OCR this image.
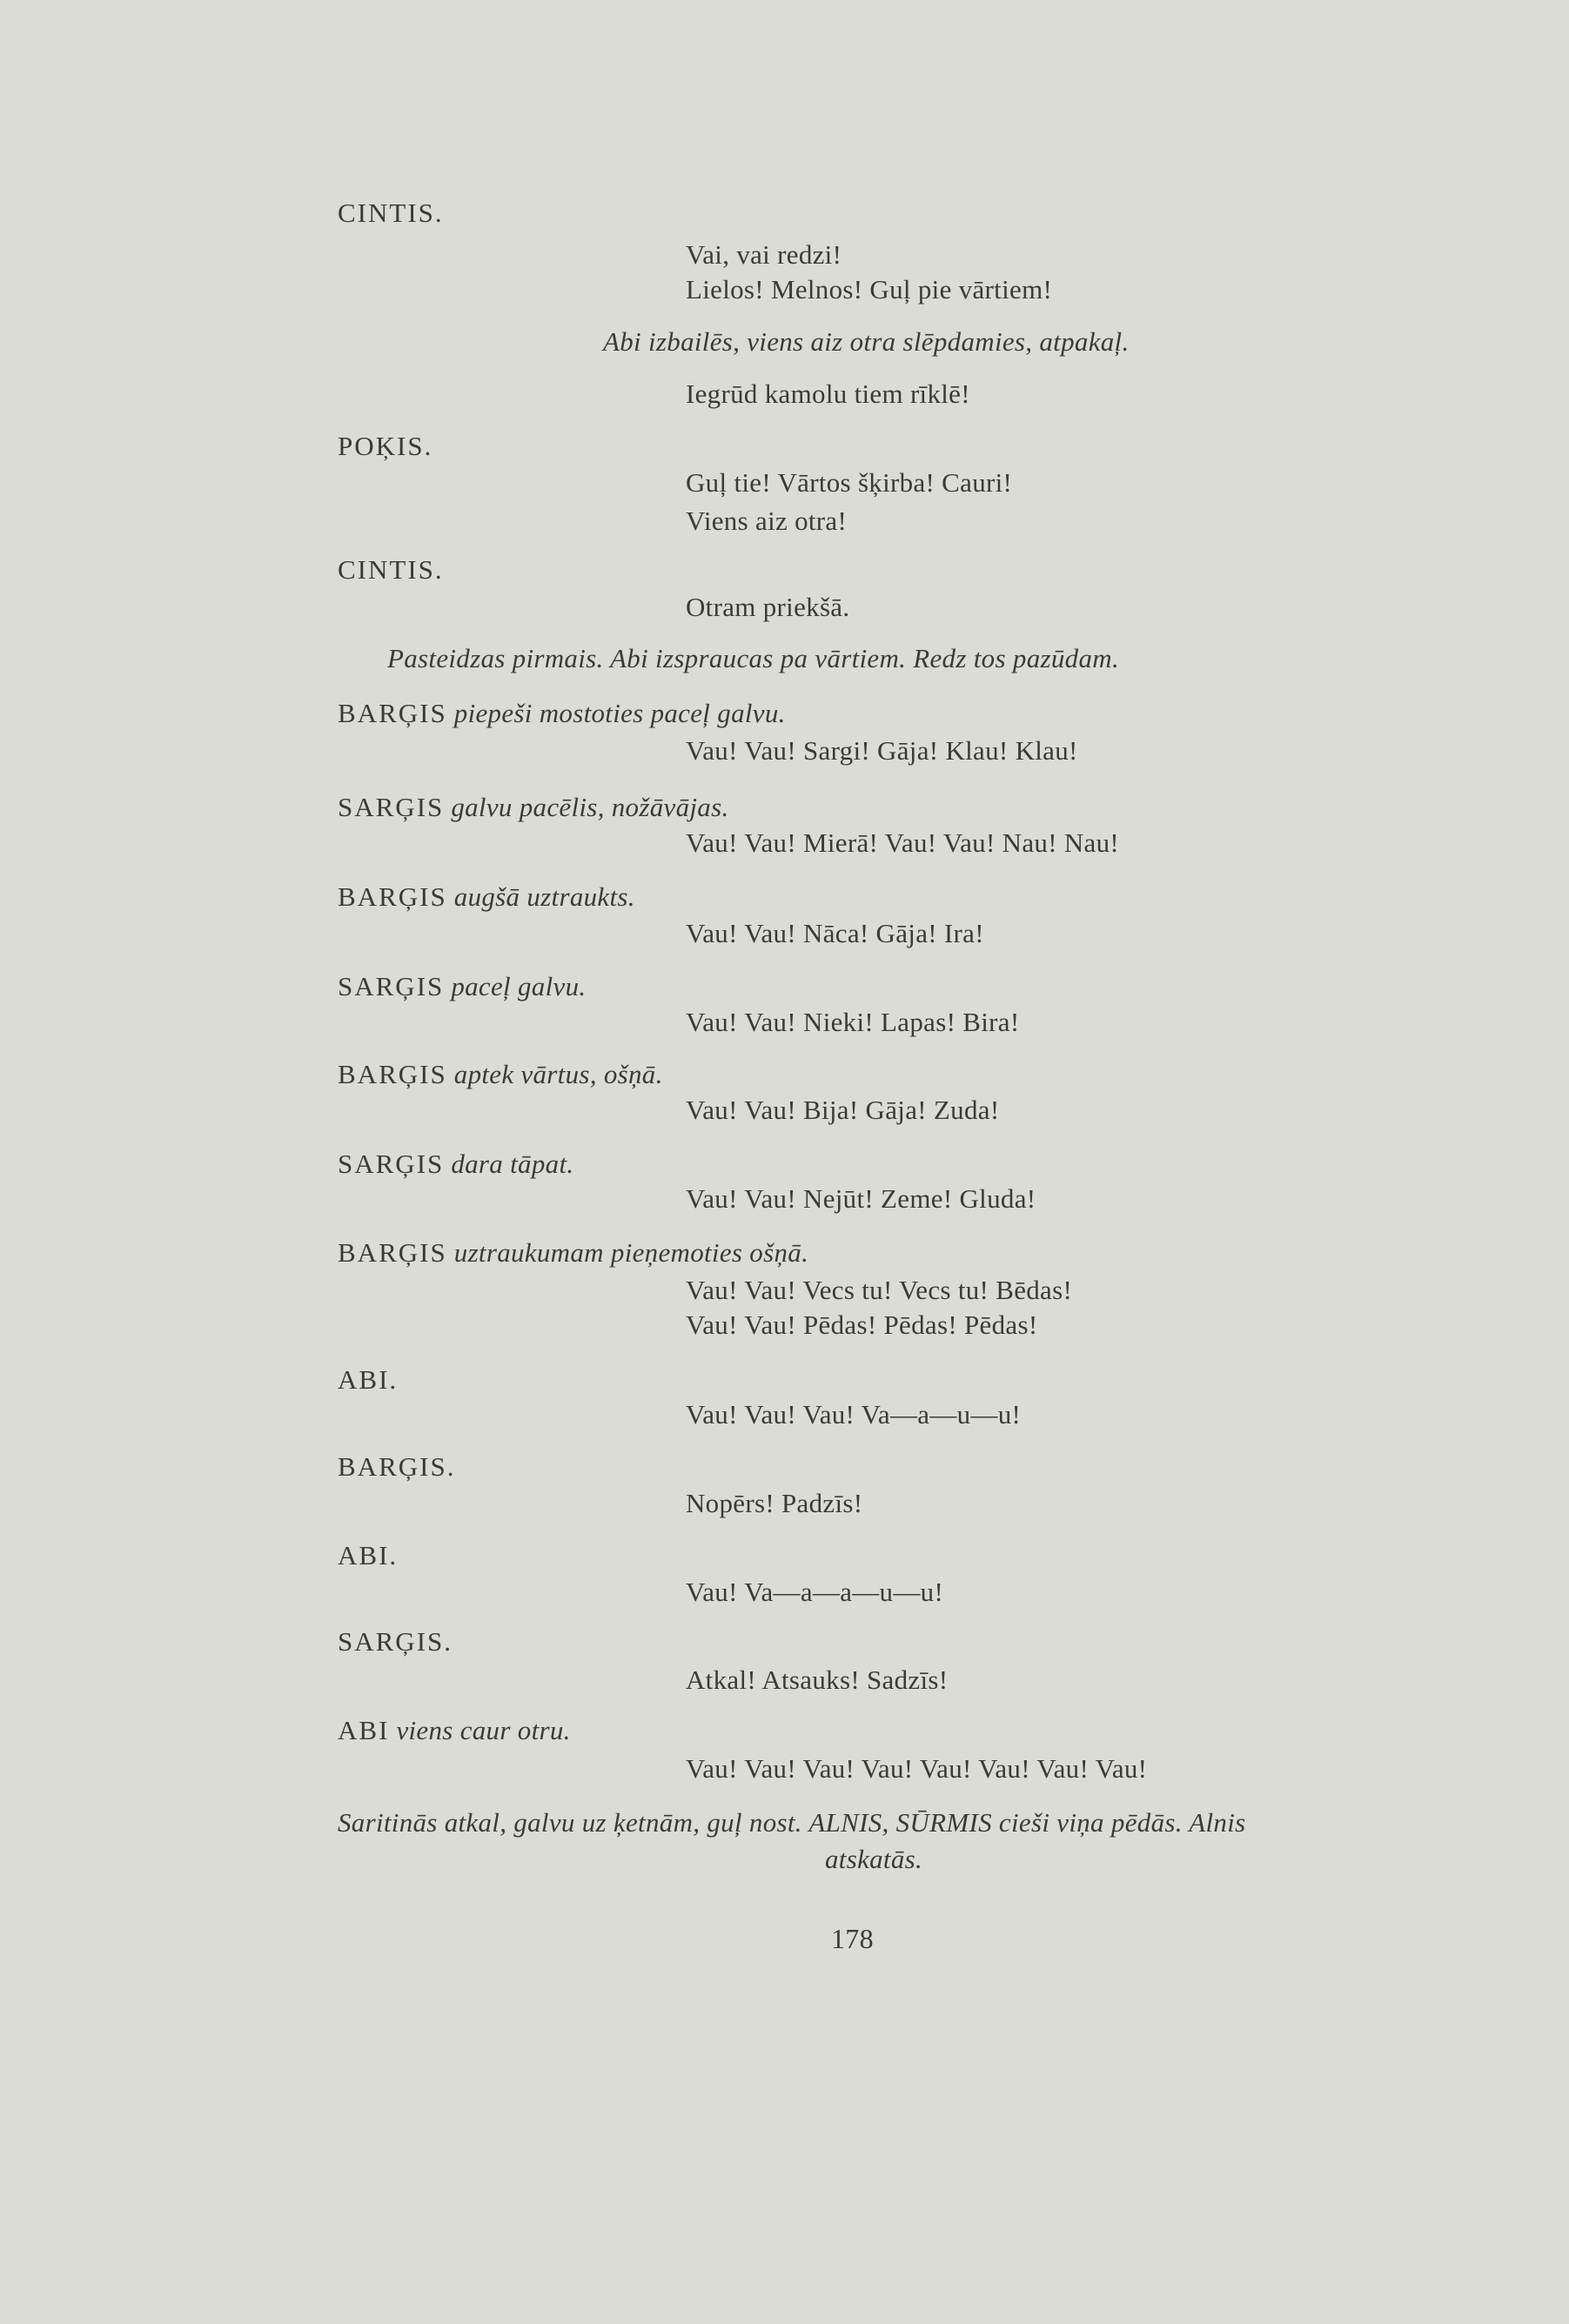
CINTIS.
Vai, vai redzi!
Lielos! Melnos! Guļ pie vārtiem!
Abi izbailēs, viens aiz otra slēpdamies, atpakaļ.
Iegrūd kamolu tiem rīklē!
POĶIS.
Guļ tie! Vārtos šķirba! Cauri!
Viens aiz otra!
CINTIS.
Otram priekšā.
Pasteidzas pirmais. Abi izspraucas pa vārtiem. Redz tos pazūdam.
BARĢIS piepeši mostoties paceļ galvu.
Vau! Vau! Sargi! Gāja! Klau! Klau!
SARĢIS galvu pacēlis, nožāvājas.
Vau! Vau! Mierā! Vau! Vau! Nau! Nau!
BARĢIS augšā uztraukts.
Vau! Vau! Nāca! Gāja! Ira!
SARĢIS paceļ galvu.
Vau! Vau! Nieki! Lapas! Bira!
BARĢIS aptek vārtus, ošņā.
Vau! Vau! Bija! Gāja! Zuda!
SARĢIS dara tāpat.
Vau! Vau! Nejūt! Zeme! Gluda!
BARĢIS uztraukumam pieņemoties ošņā.
Vau! Vau! Vecs tu! Vecs tu! Bēdas!
Vau! Vau! Pēdas! Pēdas! Pēdas!
ABI.
Vau! Vau! Vau! Va—a—u—u!
BARĢIS.
Nopērs! Padzīs!
ABI.
Vau! Va—a—a—u—u!
SARĢIS.
Atkal! Atsauks! Sadzīs!
ABI viens caur otru.
Vau! Vau! Vau! Vau! Vau! Vau! Vau! Vau!
Saritinās atkal, galvu uz ķetnām, guļ nost. ALNIS, SŪRMIS cieši viņa pēdās. Alnis
atskatās.
178
